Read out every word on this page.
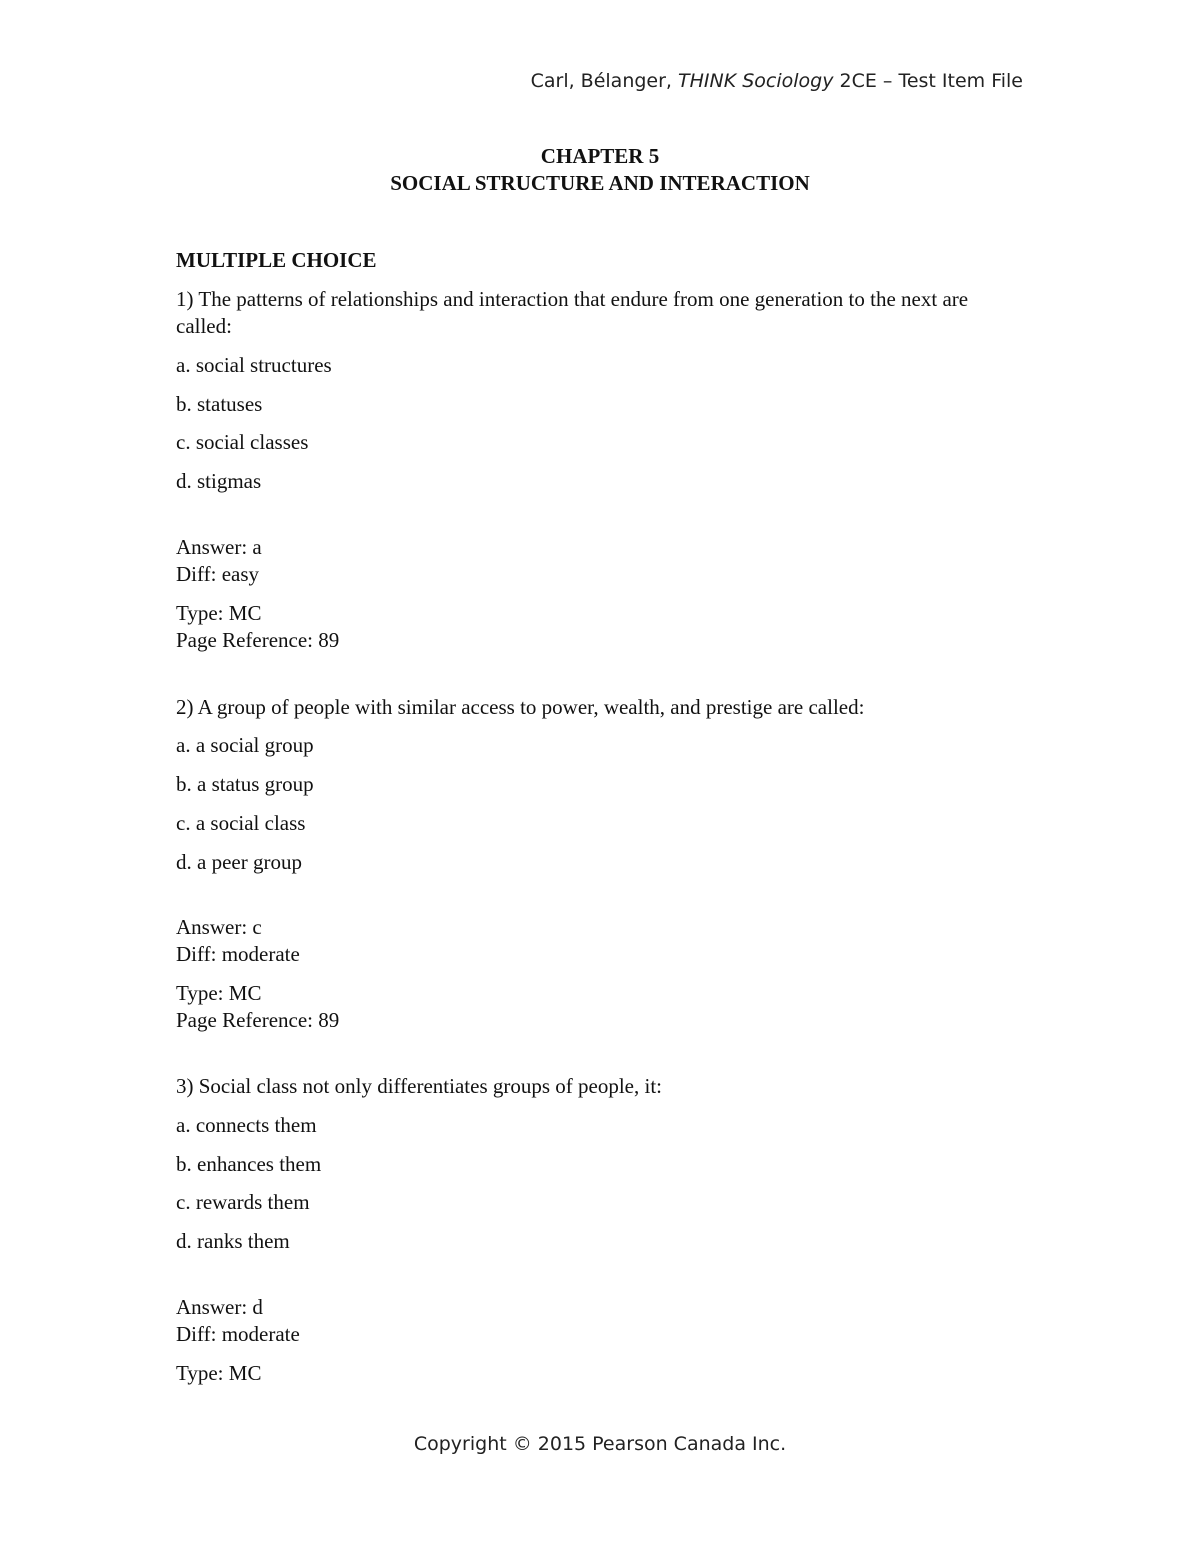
Carl, Bélanger, THINK Sociology 2CE – Test Item File
CHAPTER 5
SOCIAL STRUCTURE AND INTERACTION
MULTIPLE CHOICE
1) The patterns of relationships and interaction that endure from one generation to the next are called:
a. social structures
b. statuses
c. social classes
d. stigmas
Answer: a
Diff: easy
Type: MC
Page Reference: 89
2) A group of people with similar access to power, wealth, and prestige are called:
a. a social group
b. a status group
c. a social class
d. a peer group
Answer: c
Diff: moderate
Type: MC
Page Reference: 89
3) Social class not only differentiates groups of people, it:
a. connects them
b. enhances them
c. rewards them
d. ranks them
Answer: d
Diff: moderate
Type: MC
Copyright © 2015 Pearson Canada Inc.
